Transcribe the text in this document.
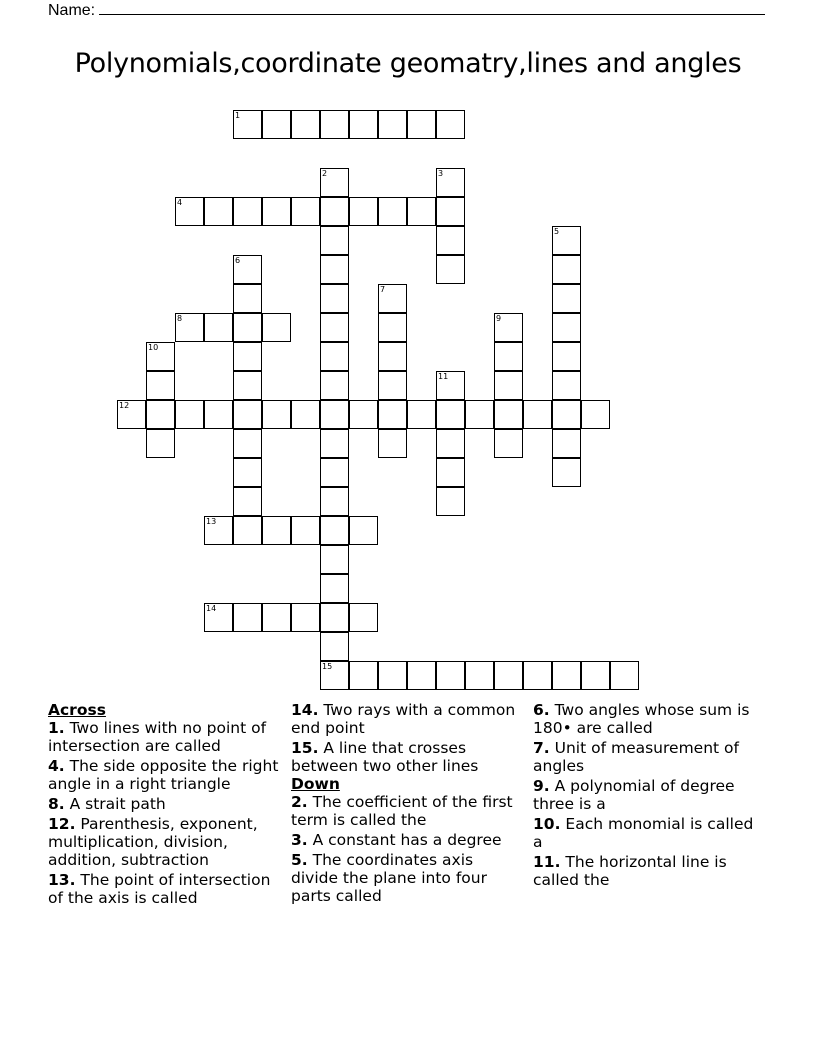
Name:
Polynomials,coordinate geomatry,lines and angles
1
2
15
3
4
5
6
7
8	9
10
11
12
13
14
Across
1. Two lines with no point of intersection are called
4. The side opposite the right angle in a right triangle
8. A strait path
12. Parenthesis, exponent, multiplication, division, addition, subtraction
13. The point of intersection of the axis is called
14. Two rays with a common end point
15. A line that crosses between two other lines
Down
2. The coefficient of the first term is called the
3. A constant has a degree
5. The coordinates axis divide the plane into four parts called
6. Two angles whose sum is 180• are called
7. Unit of measurement of angles
9. A polynomial of degree three is a
10. Each monomial is called a
11. The horizontal line is called the
